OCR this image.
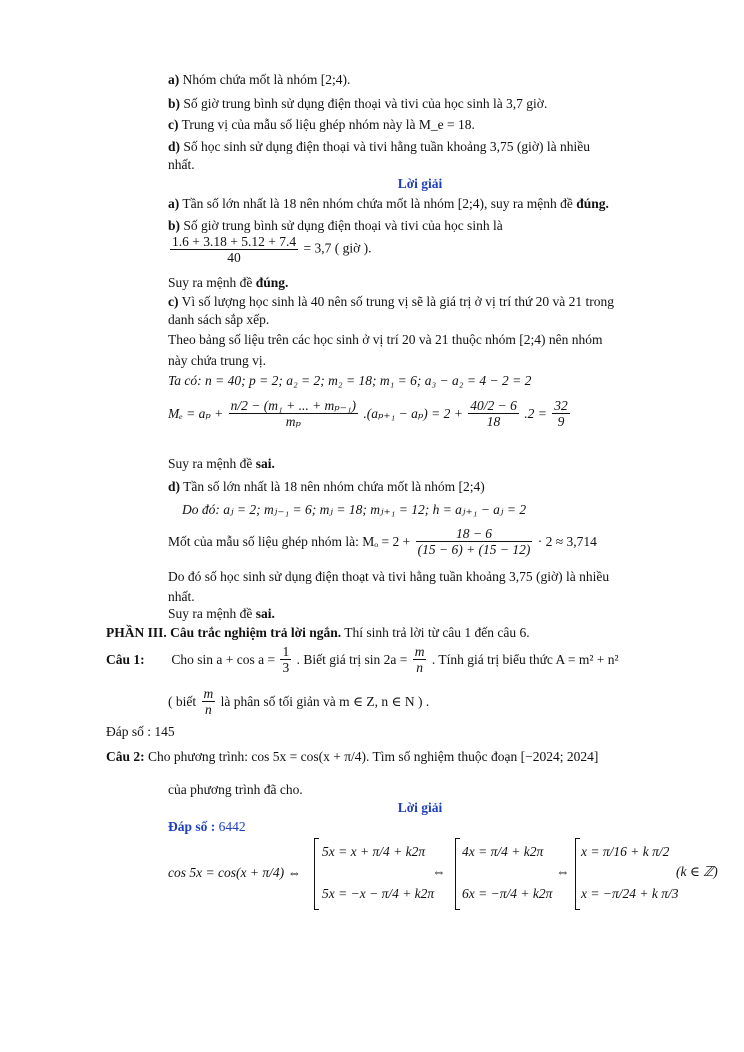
a) Nhóm chứa mốt là nhóm [2;4).
b) Số giờ trung bình sử dụng điện thoại và tivi của học sinh là 3,7 giờ.
c) Trung vị của mẫu số liệu ghép nhóm này là M_e = 18.
d) Số học sinh sử dụng điện thoại và tivi hằng tuần khoảng 3,75 (giờ) là nhiều
nhất.
Lời giải
a) Tần số lớn nhất là 18 nên nhóm chứa mốt là nhóm [2;4), suy ra mệnh đề đúng.
b) Số giờ trung bình sử dụng điện thoại và tivi của học sinh là
$\frac{1.6 + 3.18 + 5.12 + 7.4}{40} = 3,7$ ( giờ ).
Suy ra mệnh đề đúng.
c) Vì số lượng học sinh là 40 nên số trung vị sẽ là giá trị ở vị trí thứ 20 và 21 trong
danh sách sắp xếp.
Theo bảng số liệu trên các học sinh ở vị trí 20 và 21 thuộc nhóm [2;4) nên nhóm
này chứa trung vị.
Ta có: n = 40; p = 2; a₂ = 2; m₂ = 18; m₁ = 6; a₃ − a₂ = 4 − 2 = 2
$M_e = a_p + \frac{\text{n/2 − (m₁ + ... + mₚ₋₁)}}{\text{mₚ}} .(a_{p+1} - a_p) = 2 + \frac{40/2 - 6}{18} .2 = \frac{32}{9}$
Suy ra mệnh đề sai.
d) Tần số lớn nhất là 18 nên nhóm chứa mốt là nhóm [2;4)
Do đó: aⱼ = 2; mⱼ₋₁ = 6; mⱼ = 18; mⱼ₊₁ = 12; h = aⱼ₊₁ − aⱼ = 2
Mốt của mẫu số liệu ghép nhóm là: $M_o = 2 + \frac{18 - 6}{(15 - 6) + (15 - 12)} \cdot 2 \approx 3,714$
Do đó số học sinh sử dụng điện thoạt và tivi hằng tuần khoảng 3,75 (giờ) là nhiều
nhất.
Suy ra mệnh đề sai.
PHẦN III. Câu trắc nghiệm trả lời ngắn. Thí sinh trả lời từ câu 1 đến câu 6.
Câu 1: Cho $\sin a + \cos a = \frac{1}{3}$ . Biết giá trị $\sin 2a = \frac{m}{n}$ . Tính giá trị biểu thức A = m² + n²
( biết $\frac{m}{n}$ là phân số tối giản và m ∈ Z, n ∈ N ) .
Đáp số : 145
Câu 2: Cho phương trình: cos 5x = cos(x + π/4). Tìm số nghiệm thuộc đoạn [−2024; 2024]
của phương trình đã cho.
Lời giải
Đáp số : 6442
cos 5x = cos(x + π/4) ⇔
5x = x + π/4 + k2π
5x = −x − π/4 + k2π
⇔
4x = π/4 + k2π
6x = −π/4 + k2π
⇔
x = π/16 + k π/2
x = −π/24 + k π/3
(k ∈ ℤ)
